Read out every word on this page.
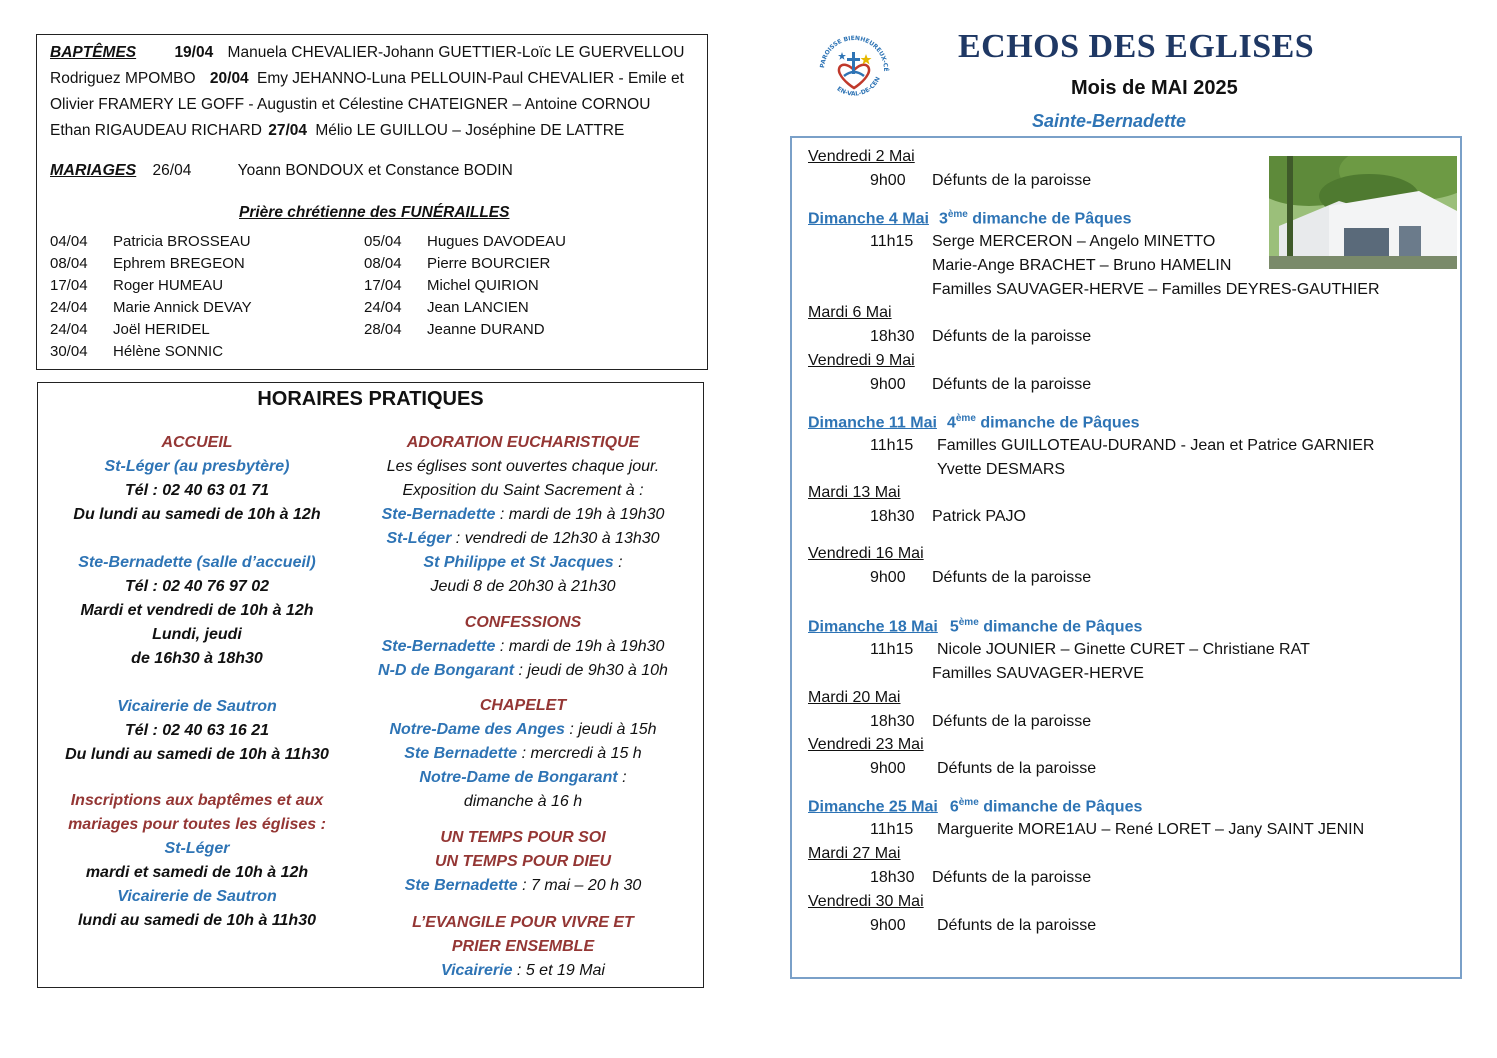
BAPTÊMES 19/04 Manuela CHEVALIER-Johann GUETTIER-Loïc LE GUERVELLOU
Rodriguez MPOMBO 20/04 Emy JEHANNO-Luna PELLOUIN-Paul CHEVALIER - Emile et
Olivier FRAMERY LE GOFF - Augustin et Célestine CHATEIGNER – Antoine CORNOU
Ethan RIGAUDEAU RICHARD 27/04 Mélio LE GUILLOU – Joséphine DE LATTRE
MARIAGES 26/04	Yoann BONDOUX et Constance BODIN
Prière chrétienne des FUNÉRAILLES
04/04 Patricia BROSSEAU
08/04 Ephrem BREGEON
17/04 Roger HUMEAU
24/04 Marie Annick DEVAY
24/04 Joël HERIDEL
30/04 Hélène SONNIC
05/04 Hugues DAVODEAU
08/04 Pierre BOURCIER
17/04 Michel QUIRION
24/04 Jean LANCIEN
28/04 Jeanne DURAND
HORAIRES PRATIQUES
ACCUEIL
St-Léger (au presbytère)
Tél : 02 40 63 01 71
Du lundi au samedi de 10h à 12h
Ste-Bernadette (salle d’accueil)
Tél : 02 40 76 97 02
Mardi et vendredi de 10h à 12h
Lundi, jeudi
de 16h30 à 18h30
Vicairerie de Sautron
Tél : 02 40 63 16 21
Du lundi au samedi de 10h à 11h30
Inscriptions aux baptêmes et aux
mariages pour toutes les églises :
St-Léger
mardi et samedi de 10h à 12h
Vicairerie de Sautron
lundi au samedi de 10h à 11h30
ADORATION EUCHARISTIQUE
Les églises sont ouvertes chaque jour.
Exposition du Saint Sacrement à :
Ste-Bernadette : mardi de 19h à 19h30
St-Léger : vendredi de 12h30 à 13h30
St Philippe et St Jacques :
Jeudi 8 de 20h30 à 21h30
CONFESSIONS
Ste-Bernadette : mardi de 19h à 19h30
N-D de Bongarant : jeudi de 9h30 à 10h
CHAPELET
Notre-Dame des Anges : jeudi à 15h
Ste Bernadette : mercredi à 15 h
Notre-Dame de Bongarant :
dimanche à 16 h
UN TEMPS POUR SOI
UN TEMPS POUR DIEU
Ste Bernadette : 7 mai – 20 h 30
L’EVANGILE POUR VIVRE ET
PRIER ENSEMBLE
Vicairerie : 5 et 19 Mai
PAROISSE BIENHEUREUX-CÉ
EN-VAL-DE-CEN
ECHOS DES EGLISES
Mois de MAI 2025
Sainte-Bernadette
Vendredi 2 Mai
9h00 Défunts de la paroisse
Dimanche 4 Mai 3ème dimanche de Pâques
11h15 Serge MERCERON – Angelo MINETTO
Marie-Ange BRACHET – Bruno HAMELIN
Familles SAUVAGER-HERVE – Familles DEYRES-GAUTHIER
Mardi 6 Mai
18h30 Défunts de la paroisse
Vendredi 9 Mai
9h00 Défunts de la paroisse
Dimanche 11 Mai 4ème dimanche de Pâques
11h15 Familles GUILLOTEAU-DURAND - Jean et Patrice GARNIER
Yvette DESMARS
Mardi 13 Mai
18h30 Patrick PAJO
Vendredi 16 Mai
9h00 Défunts de la paroisse
Dimanche 18 Mai 5ème dimanche de Pâques
11h15 Nicole JOUNIER – Ginette CURET – Christiane RAT
Familles SAUVAGER-HERVE
Mardi 20 Mai
18h30 Défunts de la paroisse
Vendredi 23 Mai
9h00 Défunts de la paroisse
Dimanche 25 Mai 6ème dimanche de Pâques
11h15 Marguerite MORE1AU – René LORET – Jany SAINT JENIN
Mardi 27 Mai
18h30 Défunts de la paroisse
Vendredi 30 Mai
9h00 Défunts de la paroisse
